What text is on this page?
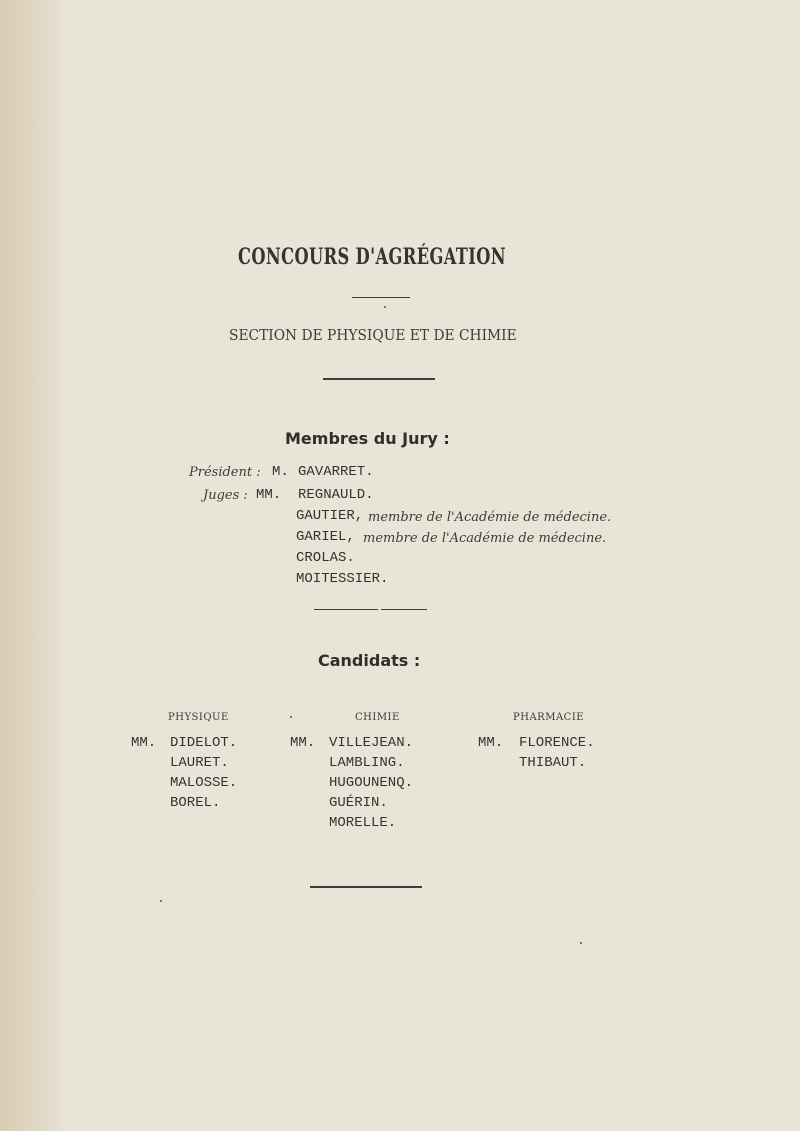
CONCOURS D'AGRÉGATION
SECTION DE PHYSIQUE ET DE CHIMIE
Membres du Jury :
Président : M. GAVARRET.
Juges : MM. REGNAULD.
GAUTIER, membre de l'Académie de médecine.
GARIEL, membre de l'Académie de médecine.
CROLAS.
MOITESSIER.
Candidats :
PHYSIQUE	CHIMIE	PHARMACIE
MM. DIDELOT.
LAURET.
MALOSSE.
BOREL.
MM. VILLEJEAN.
LAMBLING.
HUGOUNENQ.
GUÉRIN.
MORELLE.
MM. FLORENCE.
THIBAUT.
